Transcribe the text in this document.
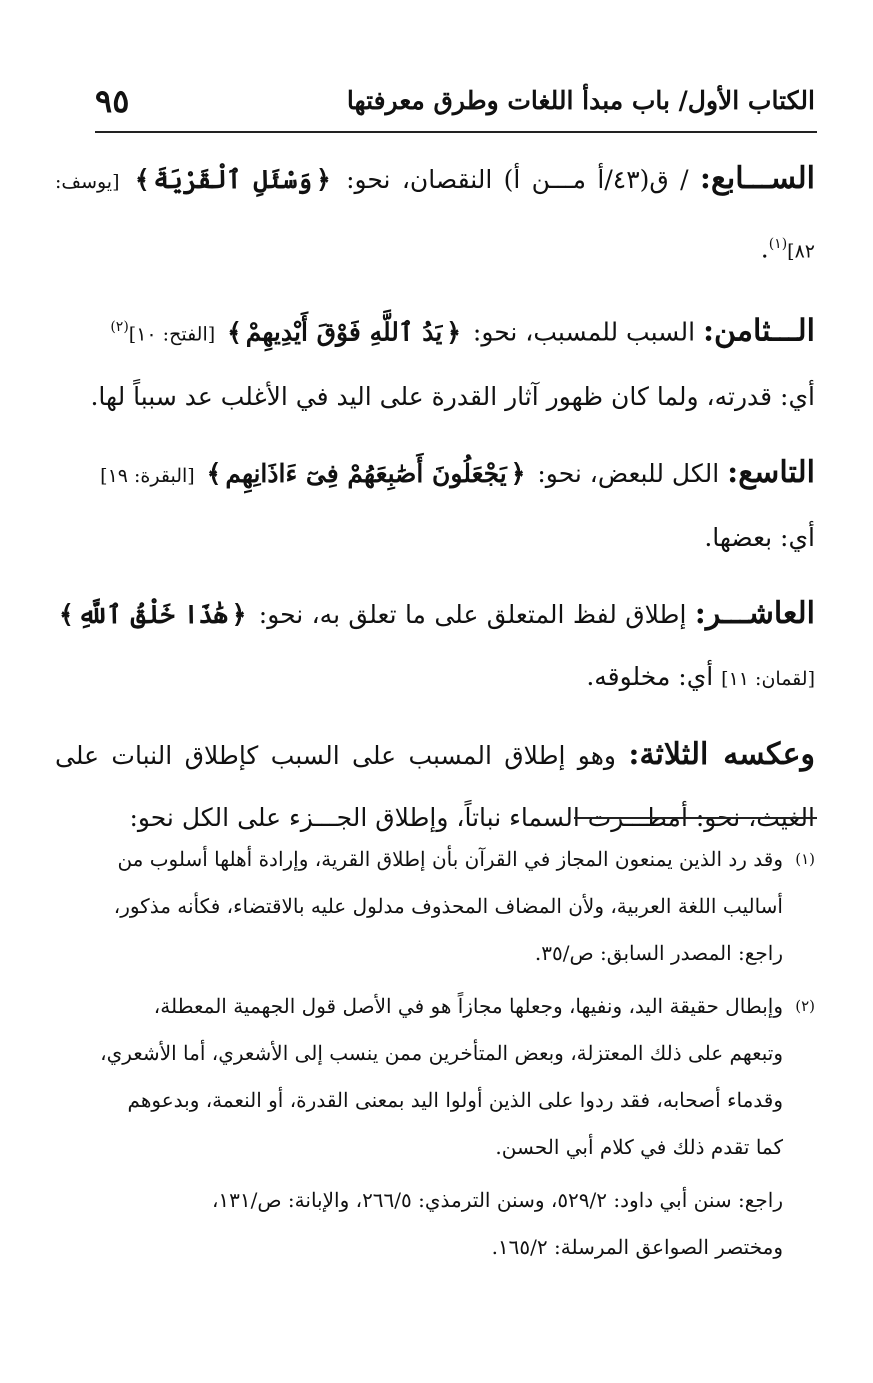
الكتاب الأول/ باب مبدأ اللغات وطرق معرفتها
٩٥

الســـابع: / ق(٤٣/أ مـــن أ) النقصان، نحو: ﴿وَسْئَلِ ٱلْقَرْيَةَ﴾ [يوسف: ٨٢]$^{(١)}$.

الـــثامن: السبب للمسبب، نحو: ﴿يَدُ ٱللَّهِ فَوْقَ أَيْدِيهِمْ﴾ [الفتح: ١٠]$^{(٢)}$
أي: قدرته، ولما كان ظهور آثار القدرة على اليد في الأغلب عد سبباً لها.

التاسع: الكل للبعض، نحو: ﴿يَجْعَلُونَ أَصَٰبِعَهُمْ فِىٓ ءَاذَانِهِم﴾ [البقرة: ١٩]
أي: بعضها.

العاشـــر: إطلاق لفظ المتعلق على ما تعلق به، نحو: ﴿هَٰذَا خَلْقُ ٱللَّهِ﴾ [لقمان: ١١] أي: مخلوقه.

وعكسه الثلاثة: وهو إطلاق المسبب على السبب كإطلاق النبات على الغيث، نحو: أمطـــرت السماء نباتاً، وإطلاق الجـــزء على الكل نحو:

(١)
وقد رد الذين يمنعون المجاز في القرآن بأن إطلاق القرية، وإرادة أهلها أسلوب من
أساليب اللغة العربية، ولأن المضاف المحذوف مدلول عليه بالاقتضاء، فكأنه مذكور،
راجع: المصدر السابق: ص/٣٥.
(٢)
وإبطال حقيقة اليد، ونفيها، وجعلها مجازاً هو في الأصل قول الجهمية المعطلة،
وتبعهم على ذلك المعتزلة، وبعض المتأخرين ممن ينسب إلى الأشعري، أما الأشعري،
وقدماء أصحابه، فقد ردوا على الذين أولوا اليد بمعنى القدرة، أو النعمة، وبدعوهم
كما تقدم ذلك في كلام أبي الحسن.
راجع: سنن أبي داود: ٥٢٩/٢، وسنن الترمذي: ٢٦٦/٥، والإبانة: ص/١٣١،
ومختصر الصواعق المرسلة: ١٦٥/٢.
